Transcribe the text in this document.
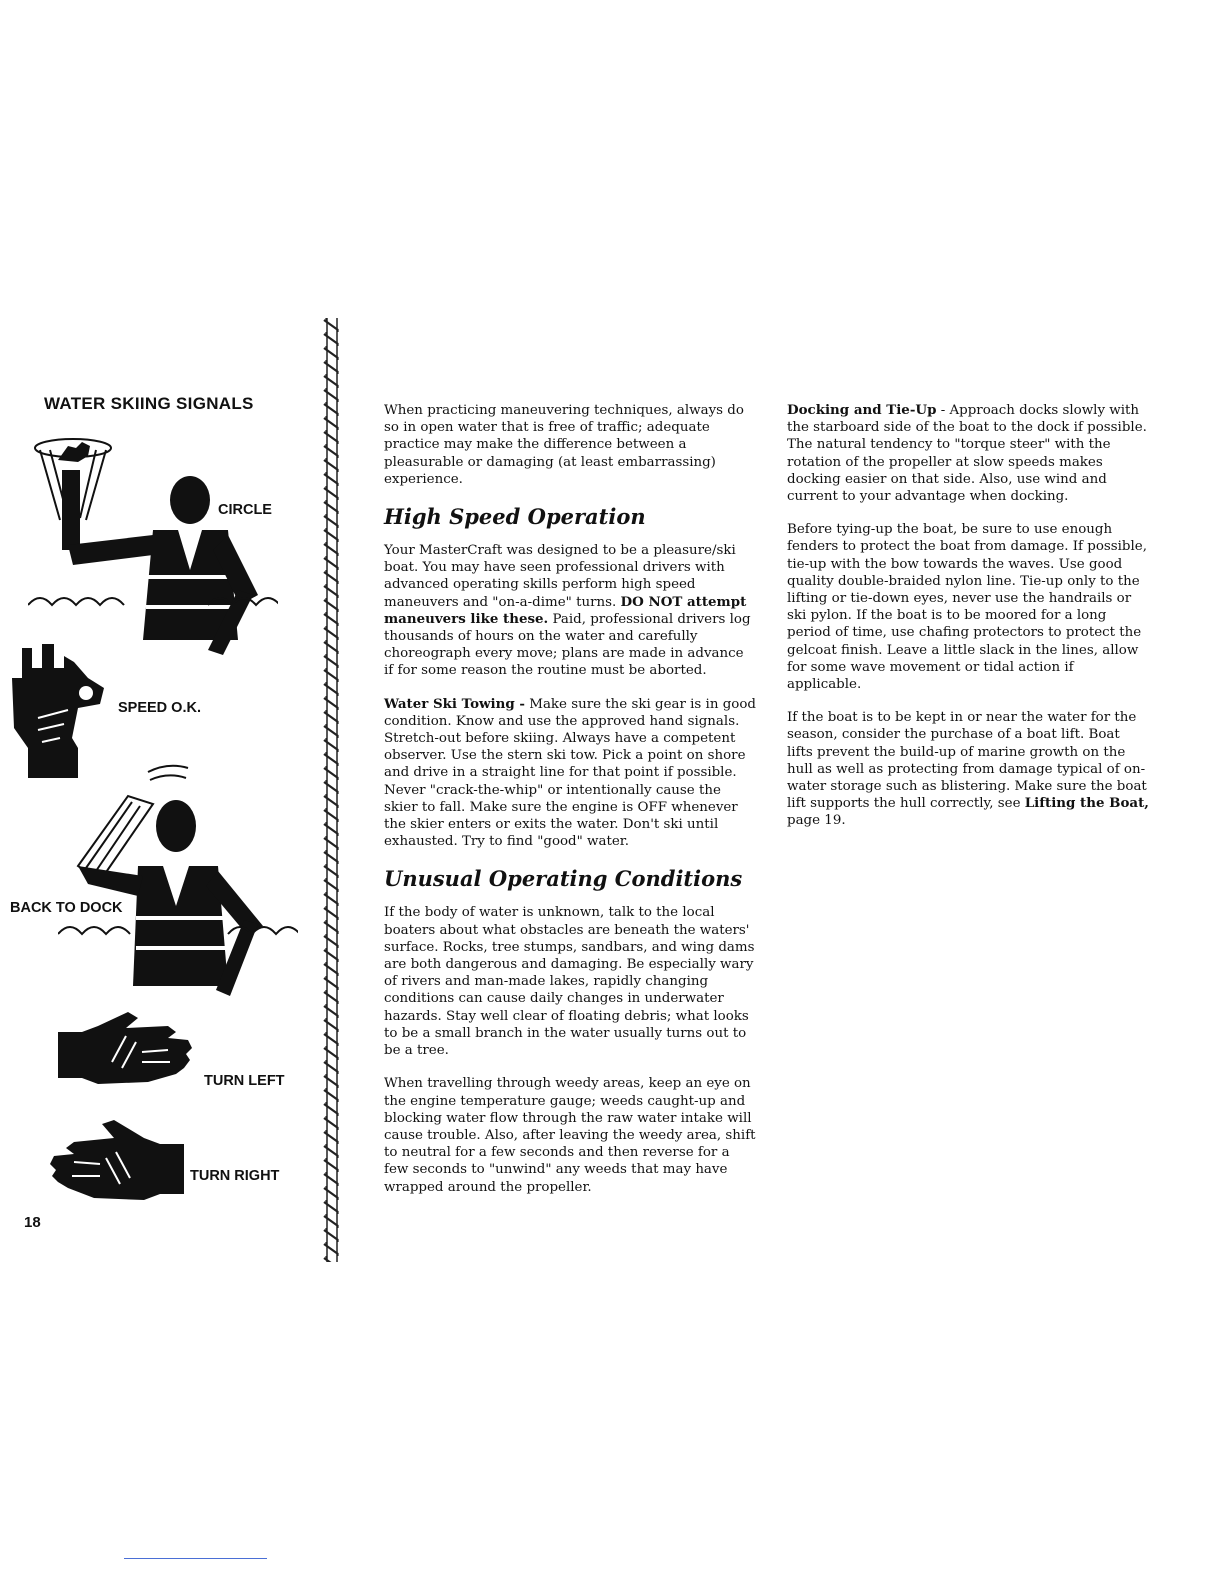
WATER SKIING SIGNALS

CIRCLE

SPEED O.K.

BACK TO DOCK

TURN LEFT

TURN RIGHT

18

When practicing maneuvering techniques, always do so in open water that is free of traffic; adequate practice may make the difference between a pleasurable or damaging (at least embarrassing) experience.

High Speed Operation

Your MasterCraft was designed to be a pleasure/ski boat. You may have seen professional drivers with advanced operating skills perform high speed maneuvers and "on-a-dime" turns. DO NOT attempt maneuvers like these. Paid, professional drivers log thousands of hours on the water and carefully choreograph every move; plans are made in advance if for some reason the routine must be aborted.

Water Ski Towing - Make sure the ski gear is in good condition. Know and use the approved hand signals. Stretch-out before skiing. Always have a competent observer. Use the stern ski tow. Pick a point on shore and drive in a straight line for that point if possible. Never "crack-the-whip" or intentionally cause the skier to fall. Make sure the engine is OFF whenever the skier enters or exits the water. Don't ski until exhausted. Try to find "good" water.

Unusual Operating Conditions

If the body of water is unknown, talk to the local boaters about what obstacles are beneath the waters' surface. Rocks, tree stumps, sandbars, and wing dams are both dangerous and damaging. Be especially wary of rivers and man-made lakes, rapidly changing conditions can cause daily changes in underwater hazards. Stay well clear of floating debris; what looks to be a small branch in the water usually turns out to be a tree.

When travelling through weedy areas, keep an eye on the engine temperature gauge; weeds caught-up and blocking water flow through the raw water intake will cause trouble. Also, after leaving the weedy area, shift to neutral for a few seconds and then reverse for a few seconds to "unwind" any weeds that may have wrapped around the propeller.

Docking and Tie-Up - Approach docks slowly with the starboard side of the boat to the dock if possible. The natural tendency to "torque steer" with the rotation of the propeller at slow speeds makes docking easier on that side. Also, use wind and current to your advantage when docking.

Before tying-up the boat, be sure to use enough fenders to protect the boat from damage. If possible, tie-up with the bow towards the waves. Use good quality double-braided nylon line. Tie-up only to the lifting or tie-down eyes, never use the handrails or ski pylon. If the boat is to be moored for a long period of time, use chafing protectors to protect the gelcoat finish. Leave a little slack in the lines, allow for some wave movement or tidal action if applicable.

If the boat is to be kept in or near the water for the season, consider the purchase of a boat lift. Boat lifts prevent the build-up of marine growth on the hull as well as protecting from damage typical of on-water storage such as blistering. Make sure the boat lift supports the hull correctly, see Lifting the Boat, page 19.
